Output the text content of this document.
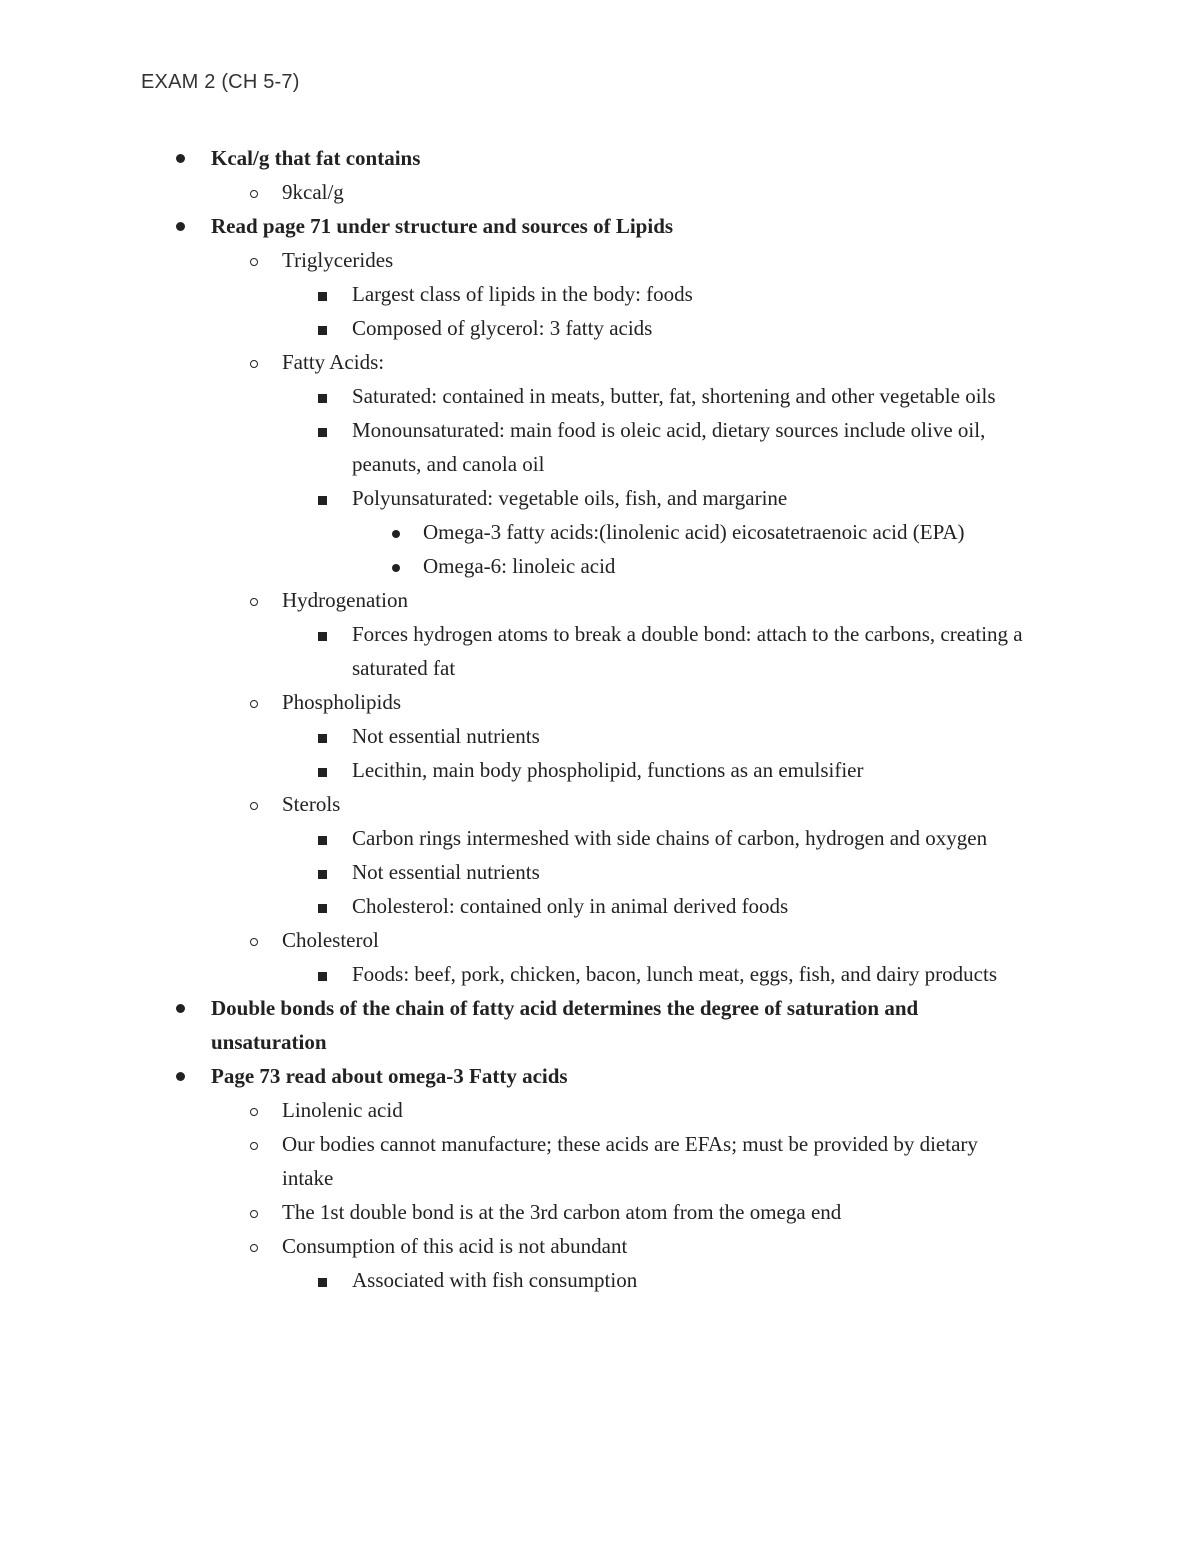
EXAM 2 (CH 5-7)
Kcal/g that fat contains
9kcal/g
Read page 71 under structure and sources of Lipids
Triglycerides
Largest class of lipids in the body: foods
Composed of glycerol: 3 fatty acids
Fatty Acids:
Saturated: contained in meats, butter, fat, shortening and other vegetable oils
Monounsaturated: main food is oleic acid, dietary sources include olive oil, peanuts, and canola oil
Polyunsaturated: vegetable oils, fish, and margarine
Omega-3 fatty acids:(linolenic acid) eicosatetraenoic acid (EPA)
Omega-6: linoleic acid
Hydrogenation
Forces hydrogen atoms to break a double bond: attach to the carbons, creating a saturated fat
Phospholipids
Not essential nutrients
Lecithin, main body phospholipid, functions as an emulsifier
Sterols
Carbon rings intermeshed with side chains of carbon, hydrogen and oxygen
Not essential nutrients
Cholesterol: contained only in animal derived foods
Cholesterol
Foods: beef, pork, chicken, bacon, lunch meat, eggs, fish, and dairy products
Double bonds of the chain of fatty acid determines the degree of saturation and unsaturation
Page 73 read about omega-3 Fatty acids
Linolenic acid
Our bodies cannot manufacture; these acids are EFAs; must be provided by dietary intake
The 1st double bond is at the 3rd carbon atom from the omega end
Consumption of this acid is not abundant
Associated with fish consumption
